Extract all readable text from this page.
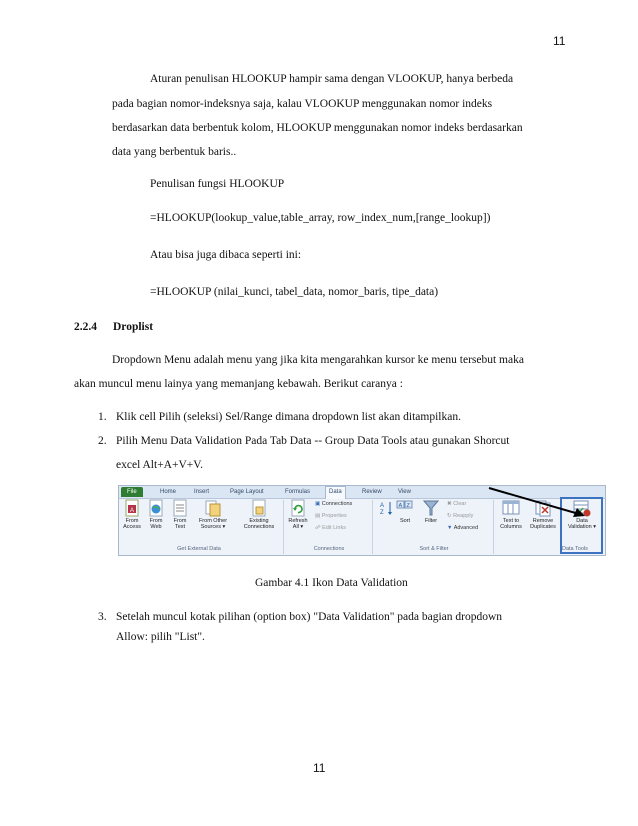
11
Aturan penulisan HLOOKUP hampir sama dengan VLOOKUP, hanya berbeda
pada bagian nomor-indeksnya saja, kalau VLOOKUP menggunakan nomor indeks
berdasarkan data berbentuk kolom, HLOOKUP menggunakan nomor indeks berdasarkan
data yang berbentuk baris..
Penulisan fungsi HLOOKUP
=HLOOKUP(lookup_value,table_array, row_index_num,[range_lookup])
Atau bisa juga dibaca seperti ini:
=HLOOKUP (nilai_kunci, tabel_data, nomor_baris, tipe_data)
2.2.4 Droplist
Dropdown Menu adalah menu yang jika kita mengarahkan kursor ke menu tersebut maka
akan muncul menu lainya yang memanjang kebawah. Berikut caranya :
1. Klik cell Pilih (seleksi) Sel/Range dimana dropdown list akan ditampilkan.
2. Pilih Menu Data Validation Pada Tab Data -- Group Data Tools atau gunakan Shorcut
excel Alt+A+V+V.
File	Home	Insert	Page Layout	Formulas	Data	Review	View
A
From
Access
From
Web
From
Text
From Other
Sources ▾
Existing
Connections
Get External Data
Refresh
All ▾
▣ Connections
▤ Properties
☍ Edit Links
Connections
A
Z
A Z
Sort	Filter
✖ Clear
↻ Reapply
▼ Advanced
Sort & Filter
Text to
Columns
Remove
Duplicates
Data
Validation ▾
Data Tools
Gambar 4.1 Ikon Data Validation
3. Setelah muncul kotak pilihan (option box) "Data Validation" pada bagian dropdown
Allow: pilih "List".
11
